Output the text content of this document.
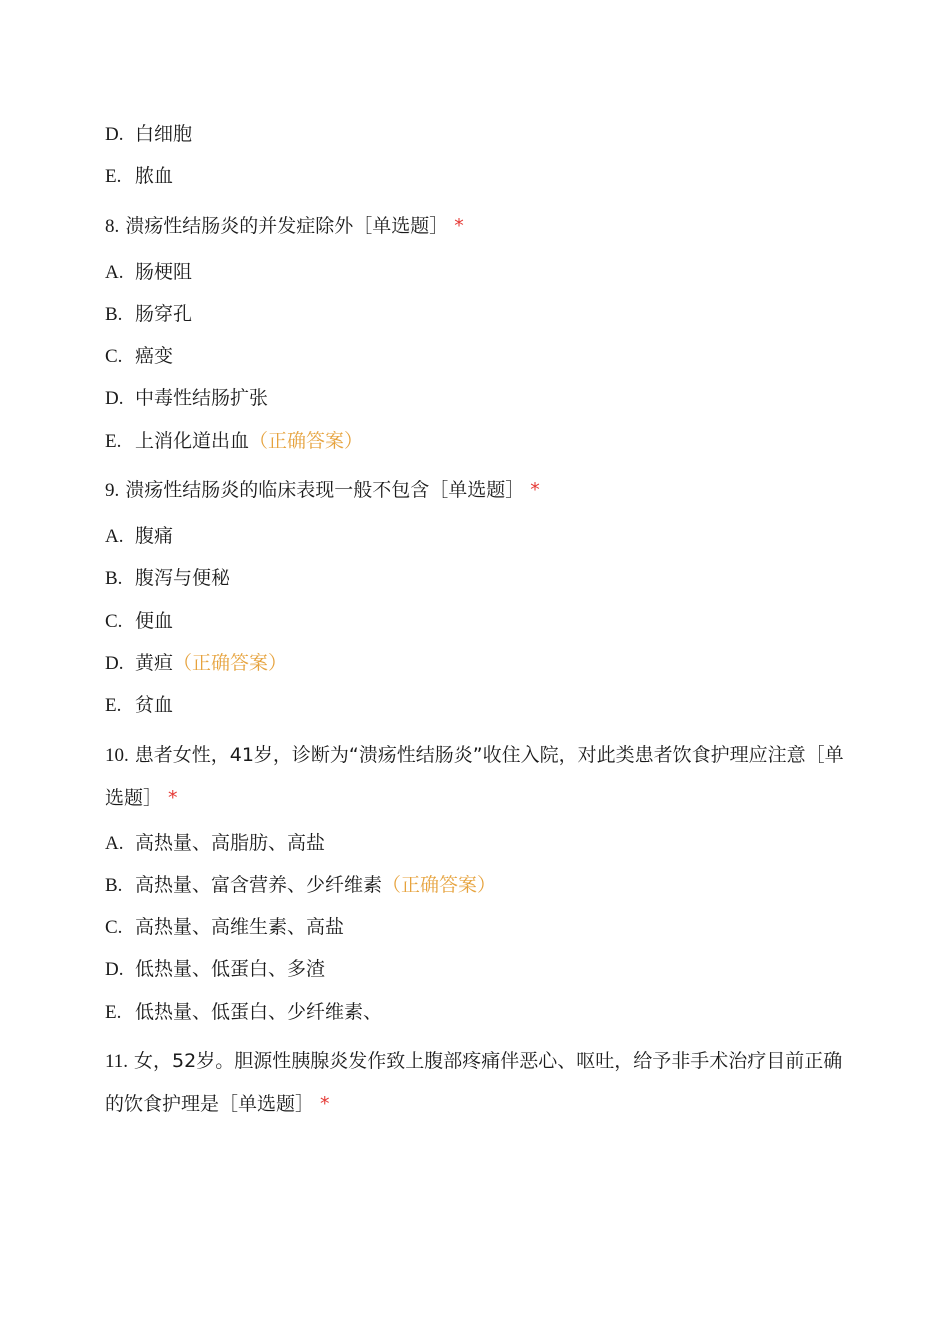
D. 白细胞
E. 脓血
8. 溃疡性结肠炎的并发症除外［单选题］ *
A. 肠梗阻
B. 肠穿孔
C. 癌变
D. 中毒性结肠扩张
E. 上消化道出血（正确答案）
9. 溃疡性结肠炎的临床表现一般不包含［单选题］ *
A. 腹痛
B. 腹泻与便秘
C. 便血
D. 黄疸（正确答案）
E. 贫血
10. 患者女性，41岁，诊断为“溃疡性结肠炎”收住入院，对此类患者饮食护理应注意［单选题］ *
A. 高热量、高脂肪、高盐
B. 高热量、富含营养、少纤维素（正确答案）
C. 高热量、高维生素、高盐
D. 低热量、低蛋白、多渣
E. 低热量、低蛋白、少纤维素、
11. 女，52岁。胆源性胰腺炎发作致上腹部疼痛伴恶心、呕吐，给予非手术治疗目前正确的饮食护理是［单选题］ *
